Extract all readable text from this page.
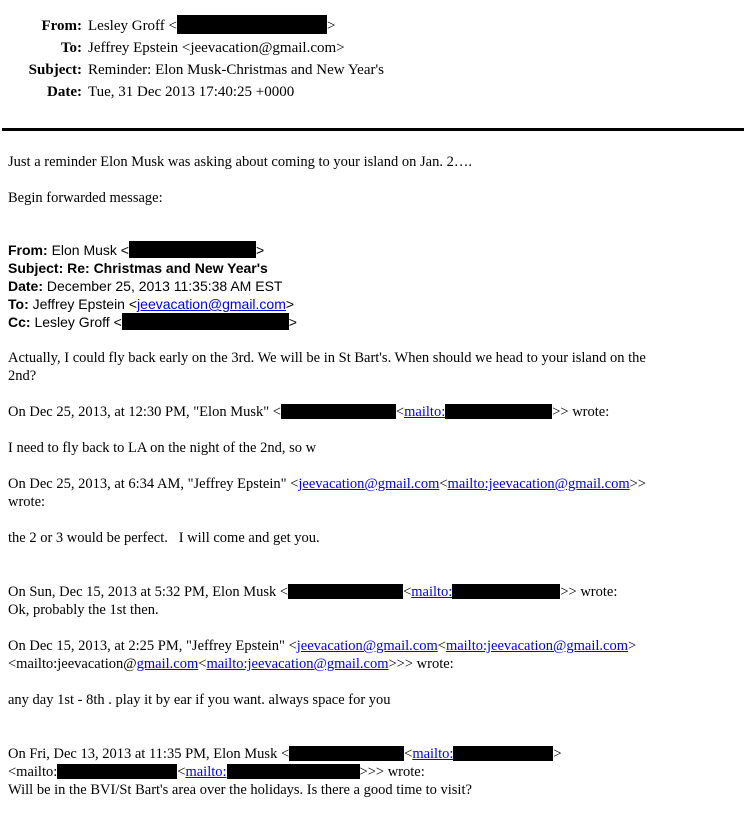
From: Lesley Groff <	>
To: Jeffrey Epstein <jeevacation@gmail.com>
Subject: Reminder: Elon Musk-Christmas and New Year's
Date: Tue, 31 Dec 2013 17:40:25 +0000
Just a reminder Elon Musk was asking about coming to your island on Jan. 2….
Begin forwarded message:
From: Elon Musk <	>
Subject: Re: Christmas and New Year's
Date: December 25, 2013 11:35:38 AM EST
To: Jeffrey Epstein <jeevacation@gmail.com>
Cc: Lesley Groff <	>
Actually, I could fly back early on the 3rd. We will be in St Bart's. When should we head to your island on the
2nd?
On Dec 25, 2013, at 12:30 PM, "Elon Musk" <	<mailto:	>> wrote:
I need to fly back to LA on the night of the 2nd, so w
On Dec 25, 2013, at 6:34 AM, "Jeffrey Epstein" <jeevacation@gmail.com<mailto:jeevacation@gmail.com>>
wrote:
the 2 or 3 would be perfect.   I will come and get you.
On Sun, Dec 15, 2013 at 5:32 PM, Elon Musk <	<mailto:	>> wrote:
Ok, probably the 1st then.
On Dec 15, 2013, at 2:25 PM, "Jeffrey Epstein" <jeevacation@gmail.com<mailto:jeevacation@gmail.com>
<mailto:jeevacation@gmail.com<mailto:jeevacation@gmail.com>>> wrote:
any day 1st - 8th . play it by ear if you want. always space for you
On Fri, Dec 13, 2013 at 11:35 PM, Elon Musk <	<mailto:	>
<mailto:	<mailto:	>>> wrote:
Will be in the BVI/St Bart's area over the holidays. Is there a good time to visit?
